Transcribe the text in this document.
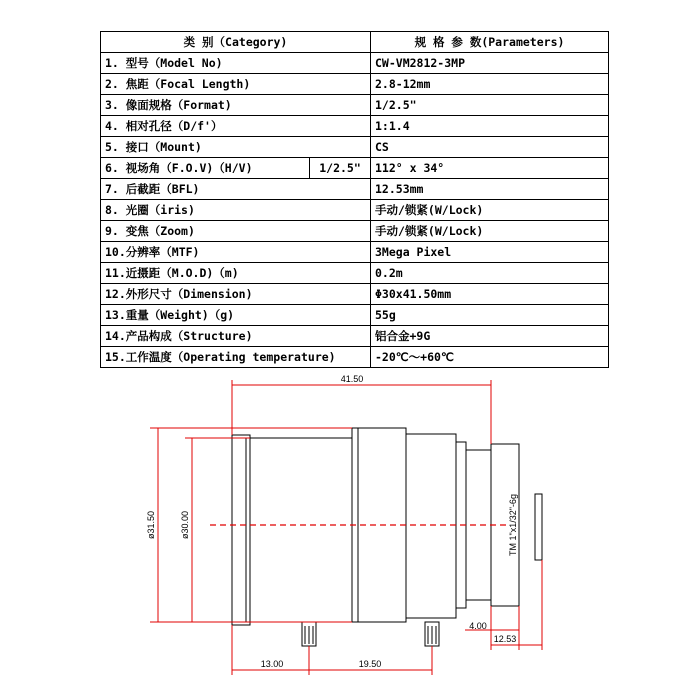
类 别（Category)	规 格 参 数(Parameters)
1. 型号（Model No)	CW-VM2812-3MP
2. 焦距（Focal Length)	2.8-12mm
3. 像面规格（Format)	1/2.5"
4. 相对孔径（D/f'）	1:1.4
5. 接口（Mount)	CS

6. 视场角（F.O.V)（H/V) 1/2.5"	112° x 34°
7. 后截距（BFL)	12.53mm
8. 光圈（iris)	手动/锁紧(W/Lock)
9. 变焦（Zoom)	手动/锁紧(W/Lock)
10.分辨率（MTF)	3Mega Pixel
11.近摄距（M.O.D)（m)	0.2m
12.外形尺寸（Dimension)	Φ30x41.50mm
13.重量（Weight)（g)	55g
14.产品构成（Structure)	铝合金+9G
15.工作温度（Operating temperature)	-20℃～+60℃
41.50
ø31.50	ø30.00	TM 1"x1/32"-6g
4.00
12.53
13.00	19.50
